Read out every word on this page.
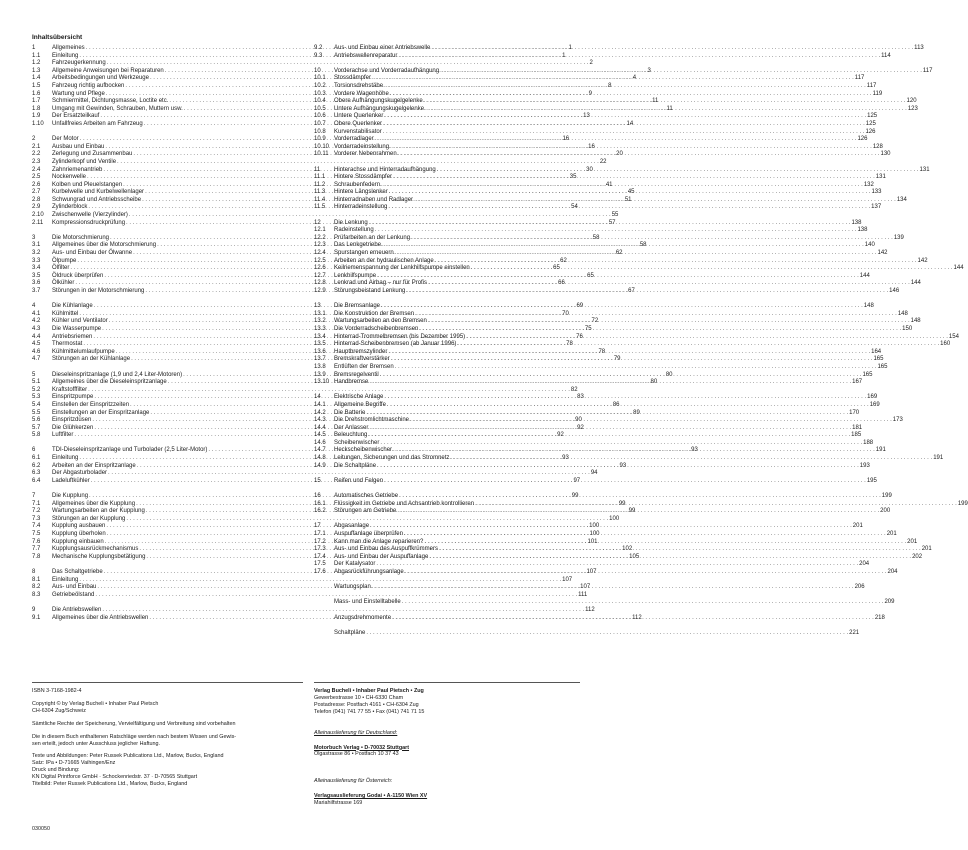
Inhaltsübersicht
1	Allgemeines . . .	1
1.1	Einleitung . . .	1
1.2	Fahrzeugerkennung . . .	2
1.3	Allgemeine Anweisungen bei Reparaturen . . .	3
1.4	Arbeitsbedingungen und Werkzeuge . . .	4
1.5	Fahrzeug richtig aufbocken . . .	8
1.6	Wartung und Pflege . . .	9
1.7	Schmiermittel, Dichtungsmasse, Loctite etc. . . .	11
1.8	Umgang mit Gewinden, Schrauben, Muttern usw. . . .	11
1.9	Der Ersatzteilkauf . . .	13
1.10	Unfallfreies Arbeiten am Fahrzeug . . .	14
2	Der Motor . . .	16
2.1	Ausbau und Einbau . . .	16
2.2	Zerlegung und Zusammenbau . . .	20
2.3	Zylinderkopf und Ventile . . .	22
2.4	Zahnriemenantrieb . . .	30
2.5	Nockenwelle . . .	35
2.6	Kolben und Pleuelstangen . . .	41
2.7	Kurbelwelle und Kurbelwellenlager . . .	45
2.8	Schwungrad und Antriebsscheibe . . .	51
2.9	Zylinderblock . . .	54
2.10	Zwischenwelle (Vierzylinder) . . .	55
2.11	Kompressionsdruckprüfung . . .	57
3	Die Motorschmierung . . .	58
3.1	Allgemeines über die Motorschmierung . . .	58
3.2	Aus- und Einbau der Ölwanne . . .	62
3.3	Ölpumpe . . .	62
3.4	Ölfilter . . .	65
3.5	Öldruck überprüfen . . .	65
3.6	Ölkühler . . .	66
3.7	Störungen in der Motorschmierung . . .	67
4	Die Kühlanlage . . .	69
4.1	Kühlmittel . . .	70
4.2	Kühler und Ventilator . . .	72
4.3	Die Wasserpumpe . . .	75
4.4	Antriebsriemen . . .	76
4.5	Thermostat . . .	78
4.6	Kühlmittelumlaufpumpe . . .	78
4.7	Störungen an der Kühlanlage . . .	79
5	Dieseleinspritzanlage (1,9 und 2,4 Liter-Motoren) . . .	80
5.1	Allgemeines über die Dieseleinspritzanlage . . .	80
5.2	Kraftstofffilter . . .	82
5.3	Einspritzpumpe . . .	83
5.4	Einstellen der Einspritzzeiten . . .	86
5.5	Einstellungen an der Einspritzanlage . . .	89
5.6	Einspritzdüsen . . .	90
5.7	Die Glühkerzen . . .	92
5.8	Luftfilter . . .	92
6	TDI-Dieseleinspritzanlage und Turbolader (2,5 Liter-Motor) . . .	93
6.1	Einleitung . . .	93
6.2	Arbeiten an der Einspritzanlage . . .	93
6.3	Der Abgasturbolader . . .	94
6.4	Ladeluftkühler . . .	97
7	Die Kupplung . . .	99
7.1	Allgemeines über die Kupplung . . .	99
7.2	Wartungsarbeiten an der Kupplung . . .	99
7.3	Störungen an der Kupplung . . .	100
7.4	Kupplung ausbauen . . .	100
7.5	Kupplung überholen . . .	100
7.6	Kupplung einbauen . . .	101
7.7	Kupplungsausrückmechanismus . . .	102
7.8	Mechanische Kupplungsbetätigung . . .	105
8	Das Schaltgetriebe . . .	107
8.1	Einleitung . . .	107
8.2	Aus- und Einbau . . .	107
8.3	Getriebeölstand . . .	111
9	Die Antriebswellen . . .	112
9.1	Allgemeines über die Antriebswellen . . .	112
9.2	Aus- und Einbau einer Antriebswelle . . .	113
9.3	Antriebswellenreparatur . . .	114
10	Vorderachse und Vorderradaufhängung . . .	117
10.1	Stossdämpfer . . .	117
10.2	Torsionsdrehstäbe . . .	117
10.3	Vordere Wagenhöhe . . .	119
10.4	Obere Aufhängungskugelgelenke . . .	120
10.5	Untere Aufhängungskugelgelenke . . .	123
10.6	Untere Querlenker . . .	125
10.7	Obere Querlenker . . .	125
10.8	Kurvenstabilisator . . .	126
10.9	Vorderradlager . . .	126
10.10 Vorderradeinstellung . . .	128
10.11 Vorderer Nebenrahmen . . .	130
11	Hinterachse und Hinterradaufhängung . . .	131
11.1	Hintere Stossdämpfer . . .	131
11.2	Schraubenfedern . . .	132
11.3	Hintere Längslenker . . .	133
11.4	Hinterradnaben und Radlager . . .	134
11.5	Hinterradeinstellung . . .	137
12	Die Lenkung . . .	138
12.1	Radeinstellung . . .	138
12.2	Prüfarbeiten an der Lenkung . . .	139
12.3	Das Lenkgetriebe . . .	140
12.4	Spurstangen erneuern . . .	142
12.5	Arbeiten an der hydraulischen Anlage . . .	142
12.6	Keilriemenspannung der Lenkhilfspumpe einstellen . . .	144
12.7	Lenkhilfspumpe . . .	144
12.8	Lenkrad und Airbag – nur für Profis . . .	144
12.9	Störungsbeistand Lenkung . . .	146
13	Die Bremsanlage . . .	148
13.1	Die Konstruktion der Bremsen . . .	148
13.2	Wartungsarbeiten an den Bremsen . . .	148
13.3	Die Vorderradscheibenbremsen . . .	150
13.4	Hinterrad-Trommelbremsen (bis Dezember 1995) . . .	154
13.5	Hinterrad-Scheibenbremsen (ab Januar 1996) . . .	160
13.6	Hauptbremszylinder . . .	164
13.7	Bremskraftverstärker . . .	165
13.8	Entlüften der Bremsen . . .	165
13.9	Bremsregelventil . . .	165
13.10 Handbremse . . .	167
14	Elektrische Anlage . . .	169
14.1	Allgemeine Begriffe . . .	169
14.2	Die Batterie . . .	170
14.3	Die Drehstromlichtmaschine . . .	173
14.4	Der Anlasser . . .	181
14.5	Beleuchtung . . .	185
14.6	Scheibenwischer . . .	188
14.7	Heckscheibenwischer . . .	191
14.8	Leitungen, Sicherungen und das Stromnetz . . .	191
14.9	Die Schaltpläne . . .	193
15	Reifen und Felgen . . .	195
16	Automatisches Getriebe . . .	199
16.1	Flüssigkeit im Getriebe und Achsantrieb kontrollieren . . .	199
16.2	Störungen am Getriebe . . .	200
17	Abgasanlage . . .	201
17.1	Auspuffanlage überprüfen . . .	201
17.2	Kann man die Anlage reparieren? . . .	201
17.3	Aus- und Einbau des Auspuffkrümmers . . .	201
17.4	Aus- und Einbau der Auspuffanlage . . .	202
17.5	Der Katalysator . . .	204
17.6	Abgasrückführungsanlage . . .	204
Wartungsplan . . .	206
Mass- und Einstelltabelle . . .	209
Anzugsdrehmomente . . .	218
Schaltpläne . . .	221
ISBN 3-7168-1982-4
Copyright © by Verlag Bucheli • Inhaber Paul Pietsch
CH-6304 Zug/Schweiz
Sämtliche Rechte der Speicherung, Vervielfältigung und Verbreitung sind vorbehalten
Die in diesem Buch enthaltenen Ratschläge werden nach bestem Wissen und Gewis-
sen erteilt, jedoch unter Ausschluss jeglicher Haftung.
Texte und Abbildungen: Peter Russek Publications Ltd., Marlow, Bucks, England
Satz: IPa • D-71665 Vaihingen/Enz
Druck und Bindung:
KN Digital Printforce GmbH · Schockenriedstr. 37 · D-70565 Stuttgart
Titelbild: Peter Russek Publications Ltd., Marlow, Bucks, England
Verlag Bucheli • Inhaber Paul Pietsch • Zug
Gewerbestrasse 10 • CH-6330 Cham
Postadresse: Postfach 4161 • CH-6304 Zug
Telefon (041) 741 77 55 • Fax (041) 741 71 15
Alleinauslieferung für Deutschland:
Motorbuch Verlag • D-70032 Stuttgart
Olgastrasse 86 • Postfach 10 37 43
Alleinauslieferung für Österreich:
Verlagsauslieferung Godai • A-1150 Wien XV
Mariahilfstrasse 169
030050
